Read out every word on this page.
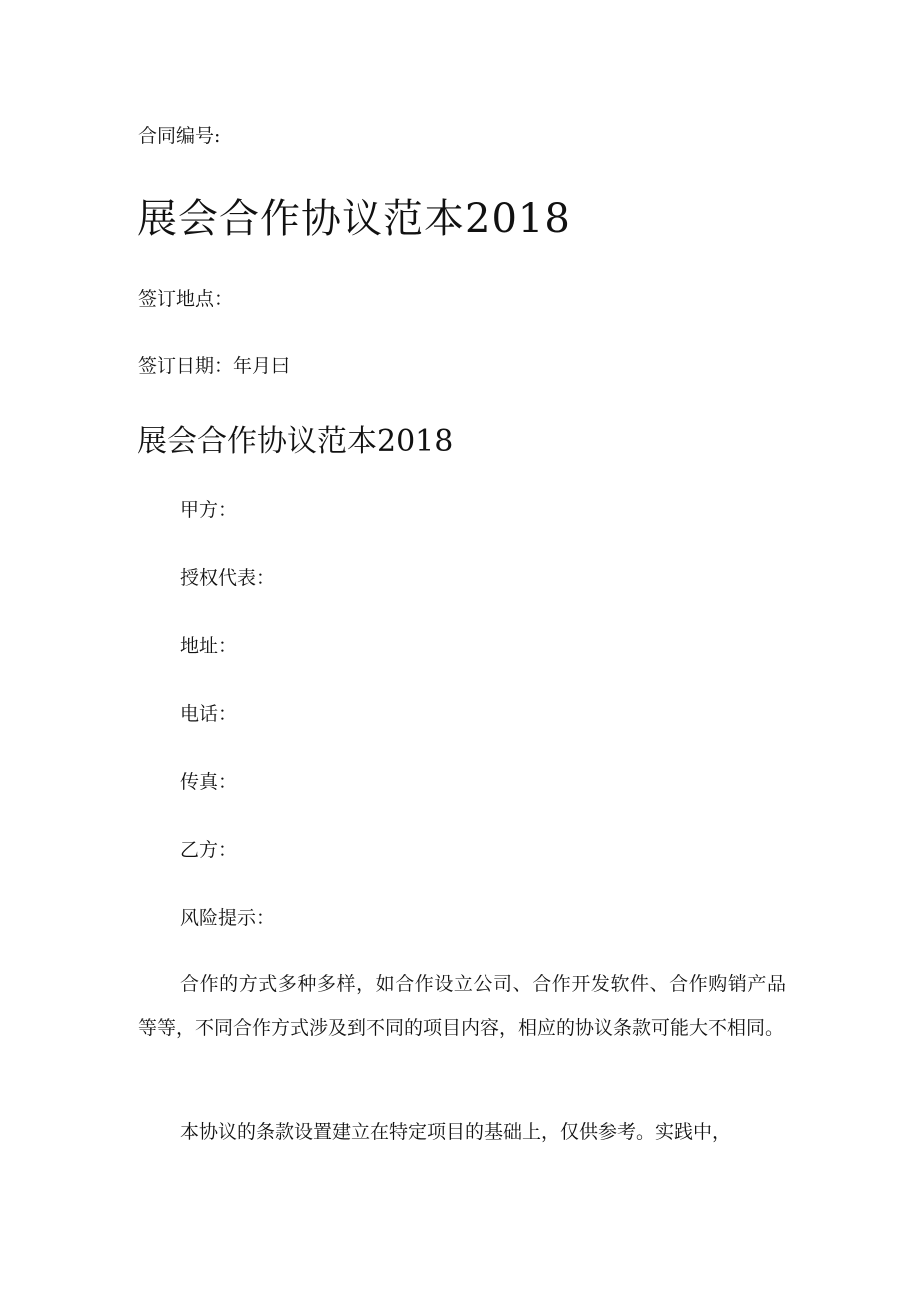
合同编号:
展会合作协议范本2018
签订地点：
签订日期：年月曰
展会合作协议范本2018
甲方：
授权代表：
地址：
电话：
传真：
乙方：
风险提示：
合作的方式多种多样，如合作设立公司、合作开发软件、合作购销产品等等，不同合作方式涉及到不同的项目内容，相应的协议条款可能大不相同。
本协议的条款设置建立在特定项目的基础上，仅供参考。实践中，
